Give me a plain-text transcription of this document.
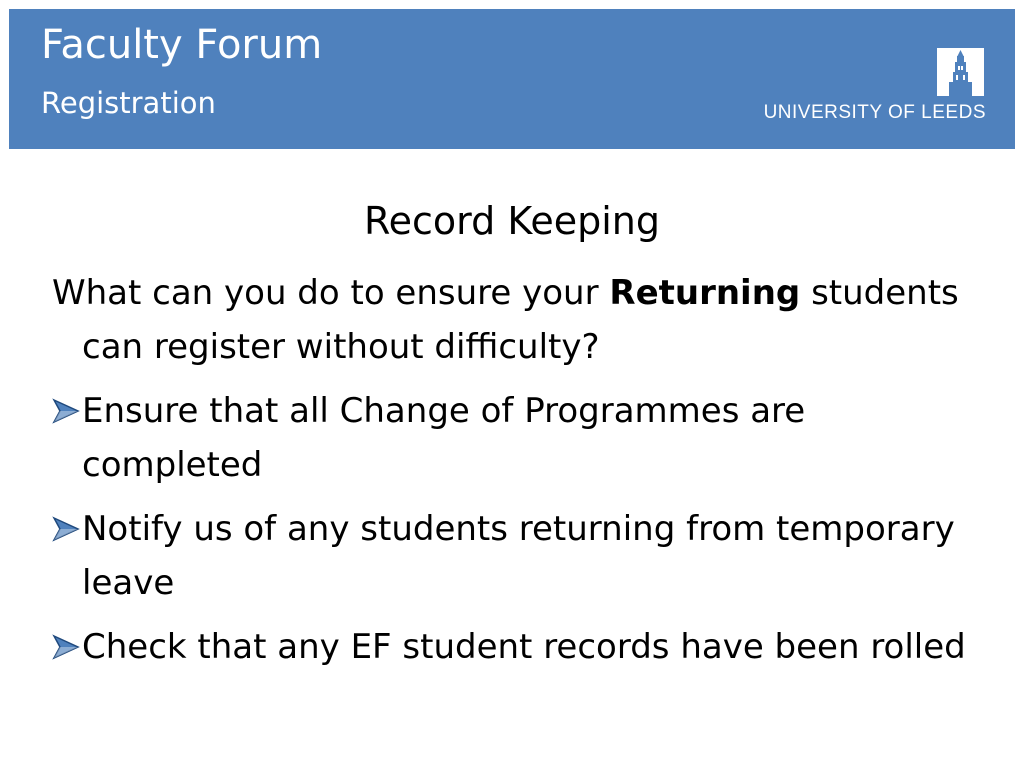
Faculty Forum
Registration	UNIVERSITY OF LEEDS
Record Keeping

What can you do to ensure your Returning students can register without difficulty?

Ensure that all Change of Programmes are completed

Notify us of any students returning from temporary leave

Check that any EF student records have been rolled
